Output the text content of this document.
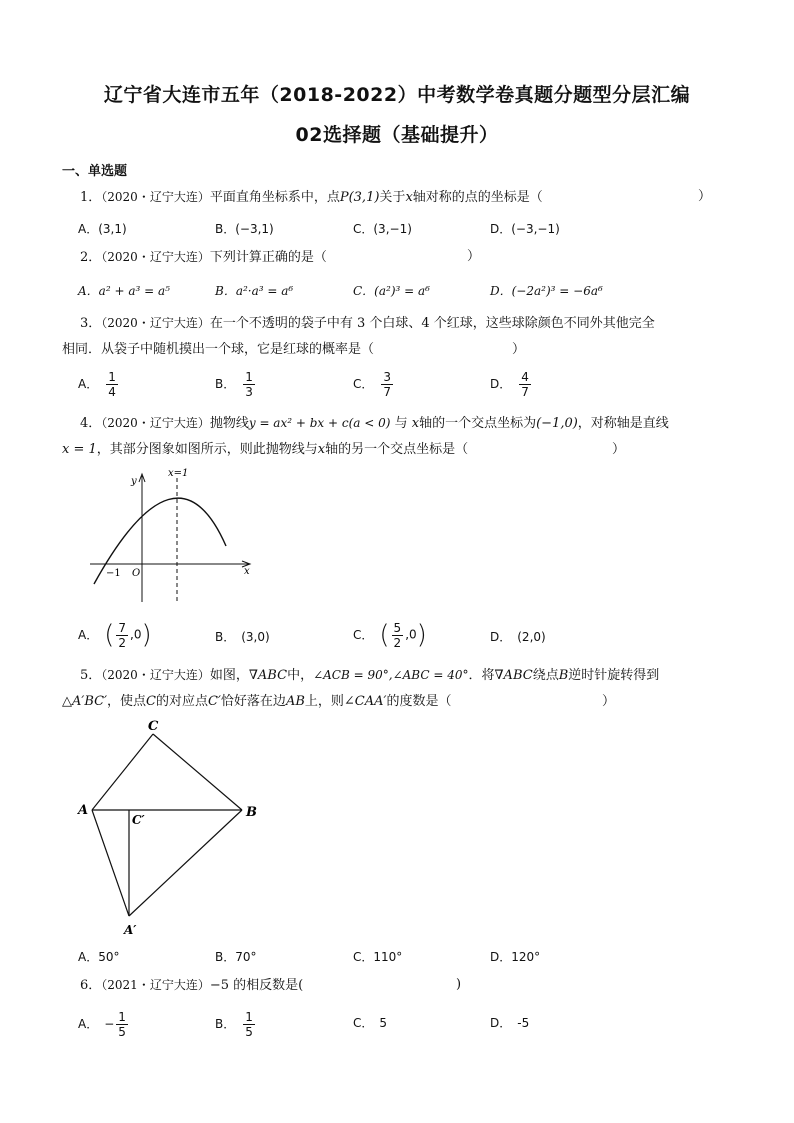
辽宁省大连市五年（2018-2022）中考数学卷真题分题型分层汇编
02选择题（基础提升）
一、单选题
1．（2020・辽宁大连）平面直角坐标系中，点P(3,1)关于x轴对称的点的坐标是（	）
A．(3,1)	B．(−3,1)	C．(3,−1)	D．(−3,−1)
2．（2020・辽宁大连）下列计算正确的是（	）
A．a² + a³ = a⁵	B．a²·a³ = a⁶	C．(a²)³ = a⁶	D．(−2a²)³ = −6a⁶
3．（2020・辽宁大连）在一个不透明的袋子中有 3 个白球、4 个红球，这些球除颜色不同外其他完全
相同．从袋子中随机摸出一个球，它是红球的概率是（	）
A． $\frac{1}{4}$	B． $\frac{1}{3}$	C． $\frac{3}{7}$	D． $\frac{4}{7}$
4．（2020・辽宁大连）抛物线y = ax² + bx + c(a < 0) 与 x轴的一个交点坐标为(−1,0)，对称轴是直线
x = 1，其部分图象如图所示，则此抛物线与x轴的另一个交点坐标是（	）
y
x
x=1
O
−1
A． ( $\frac{7}{2} ,0$)	B． (3,0)	C． ( $\frac{5}{2} ,0$)	D． (2,0)
5．（2020・辽宁大连）如图，∇ABC中，∠ACB = 90°,∠ABC = 40°．将∇ABC绕点B逆时针旋转得到
△A′BC′，使点C的对应点C′恰好落在边AB上，则∠CAA′的度数是（	）
C
A	B
C′
A′
A．50°	B．70°	C．110°	D．120°
6．（2021・辽宁大连）−5 的相反数是(	)
A． − $\frac{1}{5}$	B． $\frac{1}{5}$	C． 5	D． -5
